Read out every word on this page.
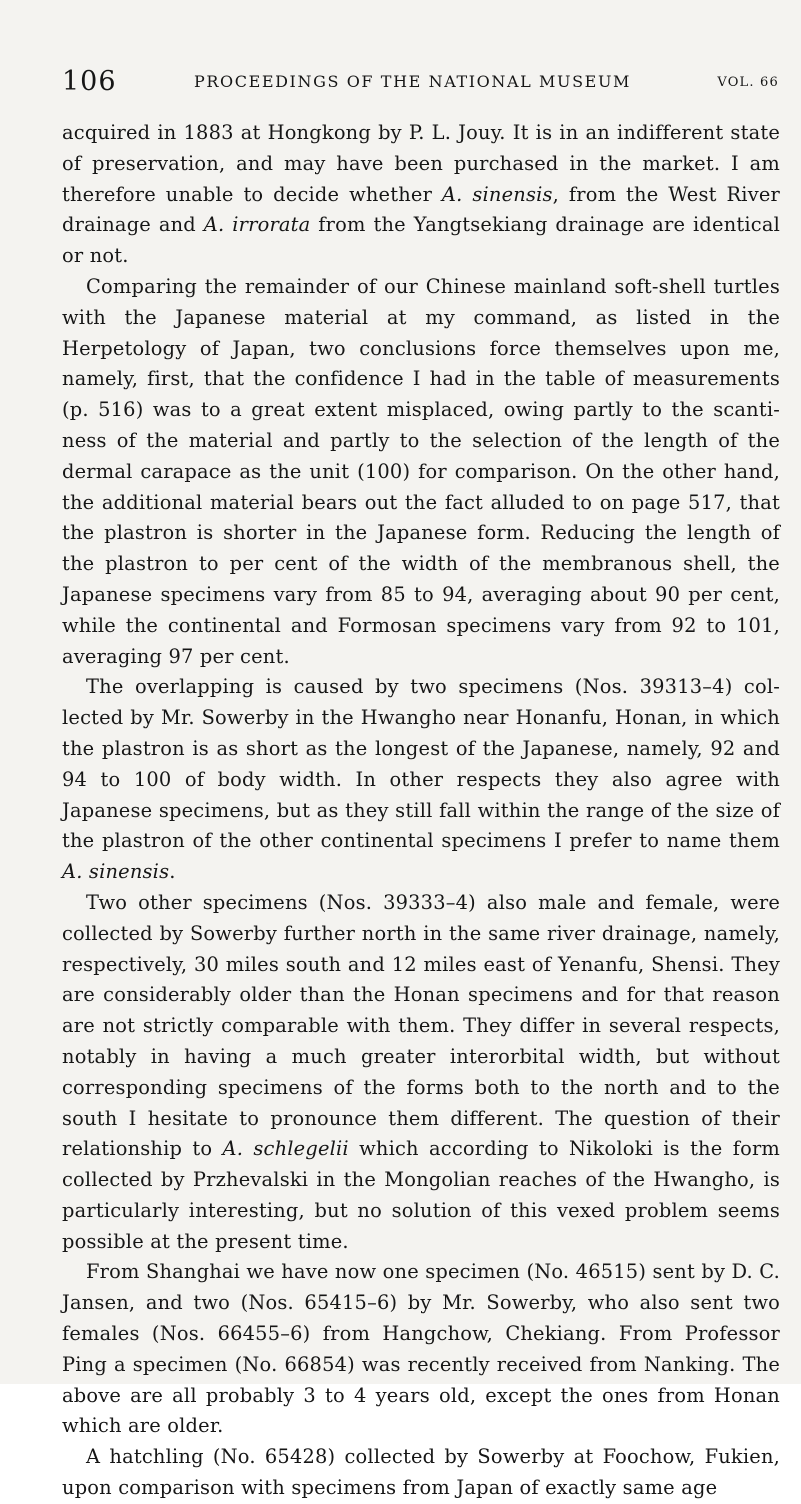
106	PROCEEDINGS OF THE NATIONAL MUSEUM	VOL. 66

acquired in 1883 at Hongkong by P. L. Jouy. It is in an indifferent state of preservation, and may have been purchased in the market. I am therefore unable to decide whether A. sinensis, from the West River drainage and A. irrorata from the Yangtsekiang drainage are identical or not.

Comparing the remainder of our Chinese mainland soft-shell turtles with the Japanese material at my command, as listed in the Herpetology of Japan, two conclusions force themselves upon me, namely, first, that the confidence I had in the table of measurements (p. 516) was to a great extent misplaced, owing partly to the scanti-ness of the material and partly to the selection of the length of the dermal carapace as the unit (100) for comparison. On the other hand, the additional material bears out the fact alluded to on page 517, that the plastron is shorter in the Japanese form. Reducing the length of the plastron to per cent of the width of the membranous shell, the Japanese specimens vary from 85 to 94, averaging about 90 per cent, while the continental and Formosan specimens vary from 92 to 101, averaging 97 per cent.

The overlapping is caused by two specimens (Nos. 39313–4) col-lected by Mr. Sowerby in the Hwangho near Honanfu, Honan, in which the plastron is as short as the longest of the Japanese, namely, 92 and 94 to 100 of body width. In other respects they also agree with Japanese specimens, but as they still fall within the range of the size of the plastron of the other continental specimens I prefer to name them A. sinensis.

Two other specimens (Nos. 39333–4) also male and female, were collected by Sowerby further north in the same river drainage, namely, respectively, 30 miles south and 12 miles east of Yenanfu, Shensi. They are considerably older than the Honan specimens and for that reason are not strictly comparable with them. They differ in several respects, notably in having a much greater interorbital width, but without corresponding specimens of the forms both to the north and to the south I hesitate to pronounce them different. The question of their relationship to A. schlegelii which according to Nikoloki is the form collected by Przhevalski in the Mongolian reaches of the Hwangho, is particularly interesting, but no solution of this vexed problem seems possible at the present time.

From Shanghai we have now one specimen (No. 46515) sent by D. C. Jansen, and two (Nos. 65415–6) by Mr. Sowerby, who also sent two females (Nos. 66455–6) from Hangchow, Chekiang. From Professor Ping a specimen (No. 66854) was recently received from Nanking. The above are all probably 3 to 4 years old, except the ones from Honan which are older.

A hatchling (No. 65428) collected by Sowerby at Foochow, Fukien, upon comparison with specimens from Japan of exactly same age
